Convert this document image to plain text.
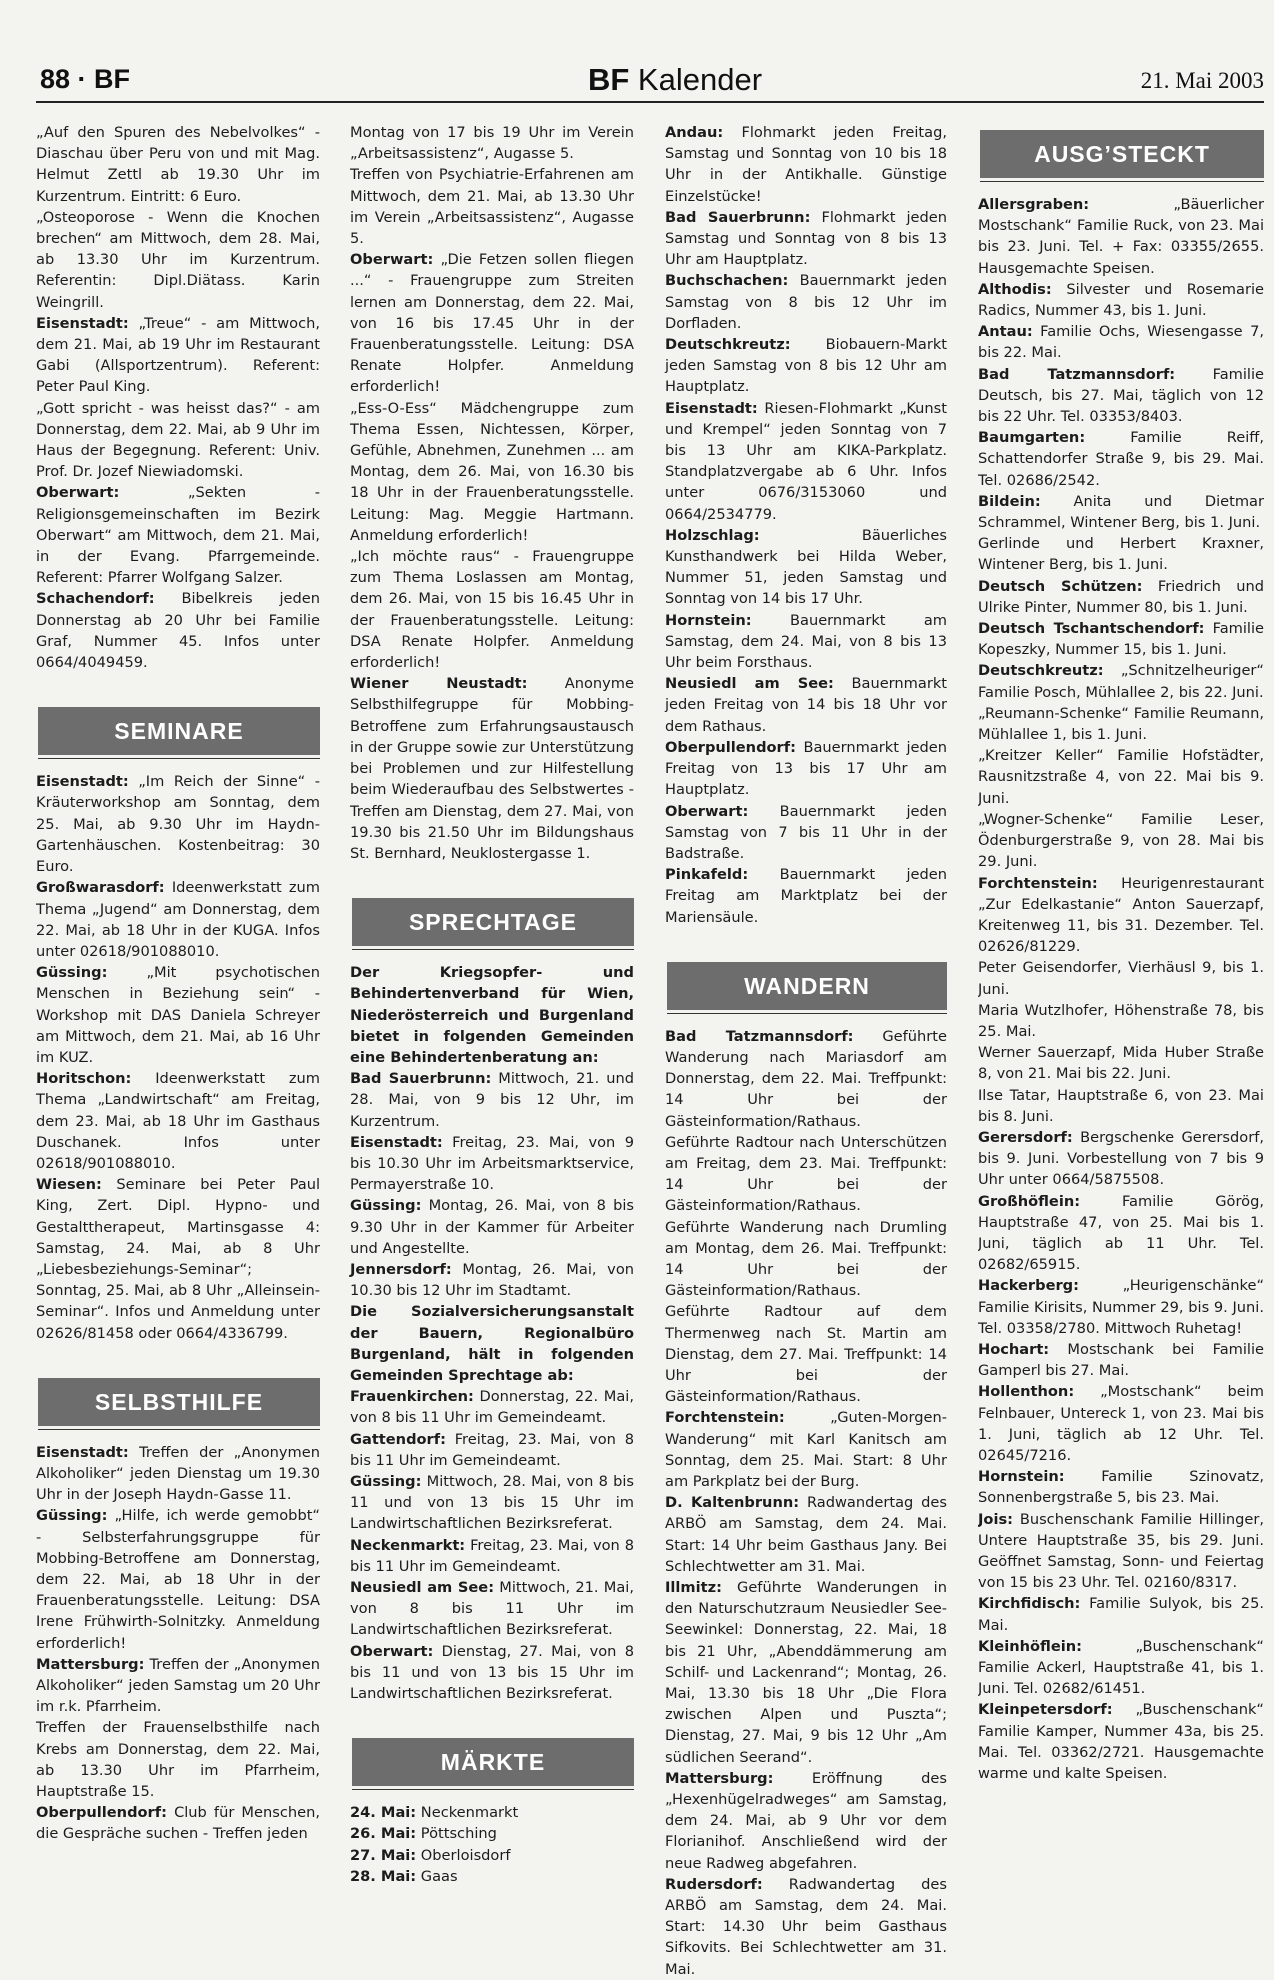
88 · BF	BF Kalender	21. Mai 2003

„Auf den Spuren des Nebelvolkes“ - Diaschau über Peru von und mit Mag. Helmut Zettl ab 19.30 Uhr im Kurzentrum. Eintritt: 6 Euro.

„Osteoporose - Wenn die Knochen brechen“ am Mittwoch, dem 28. Mai, ab 13.30 Uhr im Kurzentrum. Referentin: Dipl.Diätass. Karin Weingrill.

Eisenstadt: „Treue“ - am Mittwoch, dem 21. Mai, ab 19 Uhr im Restaurant Gabi (Allsportzentrum). Referent: Peter Paul King.

„Gott spricht - was heisst das?“ - am Donnerstag, dem 22. Mai, ab 9 Uhr im Haus der Begegnung. Referent: Univ. Prof. Dr. Jozef Niewiadomski.

Oberwart:	„Sekten - Religionsgemeinschaften im Bezirk Oberwart“ am Mittwoch, dem 21. Mai, in der Evang. Pfarrgemeinde. Referent: Pfarrer Wolfgang Salzer.

Schachendorf: Bibelkreis jeden Donnerstag ab 20 Uhr bei Familie Graf, Nummer 45. Infos unter 0664/4049459.

SEMINARE

Eisenstadt: „Im Reich der Sinne“ - Kräuterworkshop am Sonntag, dem 25. Mai, ab 9.30 Uhr im Haydn-Gartenhäuschen. Kostenbeitrag: 30 Euro.

Großwarasdorf: Ideenwerkstatt zum Thema „Jugend“ am Donnerstag, dem 22. Mai, ab 18 Uhr in der KUGA. Infos unter 02618/901088010.

Güssing:	„Mit psychotischen Menschen in Beziehung sein“ - Workshop mit DAS Daniela Schreyer am Mittwoch, dem 21. Mai, ab 16 Uhr im KUZ.

Horitschon: Ideenwerkstatt zum Thema „Landwirtschaft“ am Freitag, dem 23. Mai, ab 18 Uhr im Gasthaus Duschanek. Infos unter 02618/901088010.

Wiesen: Seminare bei Peter Paul King, Zert. Dipl. Hypno- und Gestalttherapeut, Martinsgasse 4: Samstag, 24. Mai, ab 8 Uhr „Liebesbeziehungs-Seminar“; Sonntag, 25. Mai, ab 8 Uhr „Alleinsein-Seminar“. Infos und Anmeldung unter 02626/81458 oder 0664/4336799.

SELBSTHILFE

Eisenstadt: Treffen der „Anonymen Alkoholiker“ jeden Dienstag um 19.30 Uhr in der Joseph Haydn-Gasse 11.

Güssing: „Hilfe, ich werde gemobbt“ - Selbsterfahrungsgruppe für Mobbing-Betroffene am Donnerstag, dem 22. Mai, ab 18 Uhr in der Frauenberatungsstelle. Leitung: DSA Irene Frühwirth-Solnitzky. Anmeldung erforderlich!

Mattersburg: Treffen der „Anonymen Alkoholiker“ jeden Samstag um 20 Uhr im r.k. Pfarrheim.

Treffen der Frauenselbsthilfe nach Krebs am Donnerstag, dem 22. Mai, ab 13.30 Uhr im Pfarrheim, Hauptstraße 15.

Oberpullendorf: Club für Menschen, die Gespräche suchen - Treffen jeden

Montag von 17 bis 19 Uhr im Verein „Arbeitsassistenz“, Augasse 5.

Treffen von Psychiatrie-Erfahrenen am Mittwoch, dem 21. Mai, ab 13.30 Uhr im Verein „Arbeitsassistenz“, Augasse 5.

Oberwart: „Die Fetzen sollen fliegen ...“ - Frauengruppe zum Streiten lernen am Donnerstag, dem 22. Mai, von 16 bis 17.45 Uhr in der Frauenberatungsstelle. Leitung: DSA Renate Holpfer. Anmeldung erforderlich!

„Ess-O-Ess“ Mädchengruppe zum Thema Essen, Nichtessen, Körper, Gefühle, Abnehmen, Zunehmen ... am Montag, dem 26. Mai, von 16.30 bis 18 Uhr in der Frauenberatungsstelle. Leitung: Mag. Meggie Hartmann. Anmeldung erforderlich!

„Ich möchte raus“ - Frauengruppe zum Thema Loslassen am Montag, dem 26. Mai, von 15 bis 16.45 Uhr in der Frauenberatungsstelle. Leitung: DSA Renate Holpfer. Anmeldung erforderlich!

Wiener Neustadt:	Anonyme Selbsthilfegruppe für Mobbing-Betroffene zum Erfahrungsaustausch in der Gruppe sowie zur Unterstützung bei Problemen und zur Hilfestellung beim Wiederaufbau des Selbstwertes - Treffen am Dienstag, dem 27. Mai, von 19.30 bis 21.50 Uhr im Bildungshaus St. Bernhard, Neuklostergasse 1.

SPRECHTAGE

Der Kriegsopfer- und Behindertenverband für Wien, Niederösterreich und Burgenland bietet in folgenden Gemeinden eine Behindertenberatung an:

Bad Sauerbrunn: Mittwoch, 21. und 28. Mai, von 9 bis 12 Uhr, im Kurzentrum.

Eisenstadt: Freitag, 23. Mai, von 9 bis 10.30 Uhr im Arbeitsmarktservice, Permayerstraße 10.

Güssing: Montag, 26. Mai, von 8 bis 9.30 Uhr in der Kammer für Arbeiter und Angestellte.

Jennersdorf: Montag, 26. Mai, von 10.30 bis 12 Uhr im Stadtamt.

Die Sozialversicherungsanstalt der Bauern, Regionalbüro Burgenland, hält in folgenden Gemeinden Sprechtage ab:

Frauenkirchen: Donnerstag, 22. Mai, von 8 bis 11 Uhr im Gemeindeamt.

Gattendorf: Freitag, 23. Mai, von 8 bis 11 Uhr im Gemeindeamt.

Güssing: Mittwoch, 28. Mai, von 8 bis 11 und von 13 bis 15 Uhr im Landwirtschaftlichen Bezirksreferat.

Neckenmarkt: Freitag, 23. Mai, von 8 bis 11 Uhr im Gemeindeamt.

Neusiedl am See: Mittwoch, 21. Mai, von 8 bis 11 Uhr im Landwirtschaftlichen Bezirksreferat.

Oberwart: Dienstag, 27. Mai, von 8 bis 11 und von 13 bis 15 Uhr im Landwirtschaftlichen Bezirksreferat.

MÄRKTE

24. Mai: Neckenmarkt

26. Mai: Pöttsching

27. Mai: Oberloisdorf

28. Mai: Gaas

Andau: Flohmarkt jeden Freitag, Samstag und Sonntag von 10 bis 18 Uhr in der Antikhalle. Günstige Einzelstücke!

Bad Sauerbrunn: Flohmarkt jeden Samstag und Sonntag von 8 bis 13 Uhr am Hauptplatz.

Buchschachen: Bauernmarkt jeden Samstag von 8 bis 12 Uhr im Dorfladen.

Deutschkreutz: Biobauern-Markt jeden Samstag von 8 bis 12 Uhr am Hauptplatz.

Eisenstadt: Riesen-Flohmarkt „Kunst und Krempel“ jeden Sonntag von 7 bis 13 Uhr am KIKA-Parkplatz. Standplatzvergabe ab 6 Uhr. Infos unter 0676/3153060 und 0664/2534779.

Holzschlag:	Bäuerliches Kunsthandwerk bei Hilda Weber, Nummer 51, jeden Samstag und Sonntag von 14 bis 17 Uhr.

Hornstein:	Bauernmarkt am Samstag, dem 24. Mai, von 8 bis 13 Uhr beim Forsthaus.

Neusiedl am See: Bauernmarkt jeden Freitag von 14 bis 18 Uhr vor dem Rathaus.

Oberpullendorf: Bauernmarkt jeden Freitag von 13 bis 17 Uhr am Hauptplatz.

Oberwart: Bauernmarkt jeden Samstag von 7 bis 11 Uhr in der Badstraße.

Pinkafeld: Bauernmarkt jeden Freitag am Marktplatz bei der Mariensäule.

WANDERN

Bad Tatzmannsdorf: Geführte Wanderung nach Mariasdorf am Donnerstag, dem 22. Mai. Treffpunkt: 14 Uhr bei der Gästeinformation/Rathaus.

Geführte Radtour nach Unterschützen am Freitag, dem 23. Mai. Treffpunkt: 14 Uhr bei der Gästeinformation/Rathaus.

Geführte Wanderung nach Drumling am Montag, dem 26. Mai. Treffpunkt: 14 Uhr bei der Gästeinformation/Rathaus.

Geführte Radtour auf dem Thermenweg nach St. Martin am Dienstag, dem 27. Mai. Treffpunkt: 14 Uhr bei der Gästeinformation/Rathaus.

Forchtenstein:	„Guten-Morgen-Wanderung“ mit Karl Kanitsch am Sonntag, dem 25. Mai. Start: 8 Uhr am Parkplatz bei der Burg.

D. Kaltenbrunn: Radwandertag des ARBÖ am Samstag, dem 24. Mai. Start: 14 Uhr beim Gasthaus Jany. Bei Schlechtwetter am 31. Mai.

Illmitz: Geführte Wanderungen in den Naturschutzraum Neusiedler See-Seewinkel: Donnerstag, 22. Mai, 18 bis 21 Uhr, „Abenddämmerung am Schilf- und Lackenrand“; Montag, 26. Mai, 13.30 bis 18 Uhr „Die Flora zwischen Alpen und Puszta“; Dienstag, 27. Mai, 9 bis 12 Uhr „Am südlichen Seerand“.

Mattersburg:	Eröffnung des „Hexenhügelradweges“ am Samstag, dem 24. Mai, ab 9 Uhr vor dem Florianihof. Anschließend wird der neue Radweg abgefahren.

Rudersdorf: Radwandertag des ARBÖ am Samstag, dem 24. Mai. Start: 14.30 Uhr beim Gasthaus Sifkovits. Bei Schlechtwetter am 31. Mai.

AUSG’STECKT

Allersgraben:	„Bäuerlicher Mostschank“ Familie Ruck, von 23. Mai bis 23. Juni. Tel. + Fax: 03355/2655. Hausgemachte Speisen.

Althodis: Silvester und Rosemarie Radics, Nummer 43, bis 1. Juni.

Antau: Familie Ochs, Wiesengasse 7, bis 22. Mai.

Bad Tatzmannsdorf:	Familie Deutsch, bis 27. Mai, täglich von 12 bis 22 Uhr. Tel. 03353/8403.

Baumgarten:	Familie Reiff, Schattendorfer Straße 9, bis 29. Mai. Tel. 02686/2542.

Bildein: Anita und Dietmar Schrammel, Wintener Berg, bis 1. Juni.

Gerlinde und Herbert Kraxner, Wintener Berg, bis 1. Juni.

Deutsch Schützen: Friedrich und Ulrike Pinter, Nummer 80, bis 1. Juni.

Deutsch Tschantschendorf: Familie Kopeszky, Nummer 15, bis 1. Juni.

Deutschkreutz: „Schnitzelheuriger“ Familie Posch, Mühlallee 2, bis 22. Juni.

„Reumann-Schenke“ Familie Reumann, Mühlallee 1, bis 1. Juni.

„Kreitzer Keller“ Familie Hofstädter, Rausnitzstraße 4, von 22. Mai bis 9. Juni.

„Wogner-Schenke“ Familie Leser, Ödenburgerstraße 9, von 28. Mai bis 29. Juni.

Forchtenstein: Heurigenrestaurant „Zur Edelkastanie“ Anton Sauerzapf, Kreitenweg 11, bis 31. Dezember. Tel. 02626/81229.

Peter Geisendorfer, Vierhäusl 9, bis 1. Juni.

Maria Wutzlhofer, Höhenstraße 78, bis 25. Mai.

Werner Sauerzapf, Mida Huber Straße 8, von 21. Mai bis 22. Juni.

Ilse Tatar, Hauptstraße 6, von 23. Mai bis 8. Juni.

Gerersdorf: Bergschenke Gerersdorf, bis 9. Juni. Vorbestellung von 7 bis 9 Uhr unter 0664/5875508.

Großhöflein:	Familie Görög, Hauptstraße 47, von 25. Mai bis 1. Juni, täglich ab 11 Uhr. Tel. 02682/65915.

Hackerberg:	„Heurigenschänke“ Familie Kirisits, Nummer 29, bis 9. Juni. Tel. 03358/2780. Mittwoch Ruhetag!

Hochart: Mostschank bei Familie Gamperl bis 27. Mai.

Hollenthon: „Mostschank“ beim Felnbauer, Untereck 1, von 23. Mai bis 1. Juni, täglich ab 12 Uhr. Tel. 02645/7216.

Hornstein:	Familie Szinovatz, Sonnenbergstraße 5, bis 23. Mai.

Jois: Buschenschank Familie Hillinger, Untere Hauptstraße 35, bis 29. Juni. Geöffnet Samstag, Sonn- und Feiertag von 15 bis 23 Uhr. Tel. 02160/8317.

Kirchfidisch: Familie Sulyok, bis 25. Mai.

Kleinhöflein:	„Buschenschank“ Familie Ackerl, Hauptstraße 41, bis 1. Juni. Tel. 02682/61451.

Kleinpetersdorf: „Buschenschank“ Familie Kamper, Nummer 43a, bis 25. Mai. Tel. 03362/2721. Hausgemachte warme und kalte Speisen.
